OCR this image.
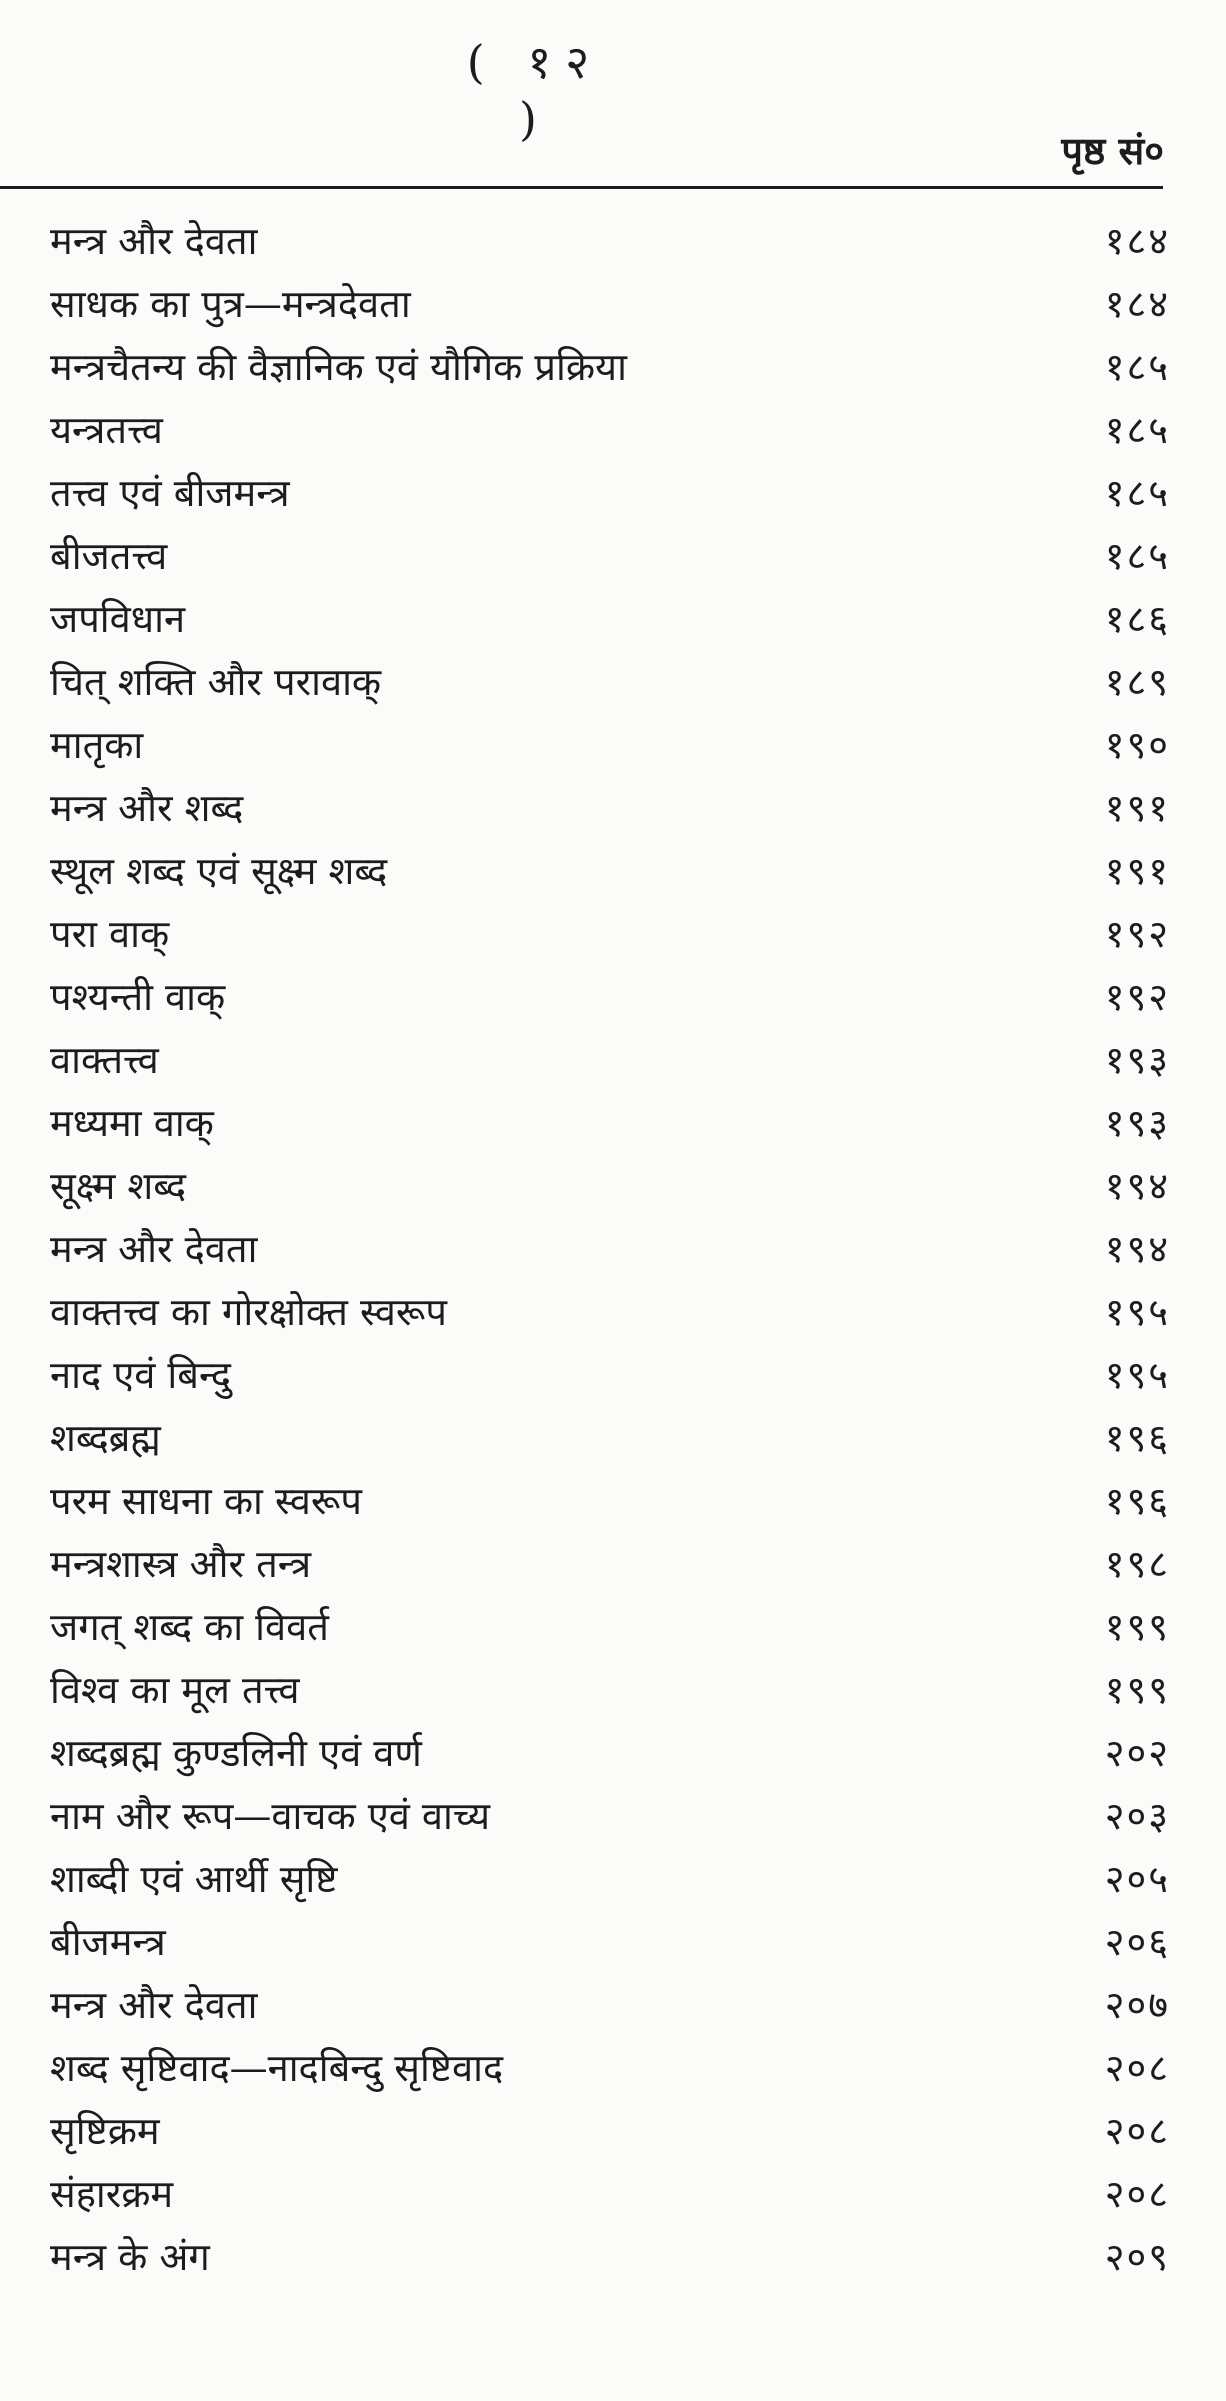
( १२ )
पृष्ठ सं०
मन्त्र और देवता	१८४
साधक का पुत्र—मन्त्रदेवता	१८४
मन्त्रचैतन्य की वैज्ञानिक एवं यौगिक प्रक्रिया	१८५
यन्त्रतत्त्व	१८५
तत्त्व एवं बीजमन्त्र	१८५
बीजतत्त्व	१८५
जपविधान	१८६
चित् शक्ति और परावाक्	१८९
मातृका	१९०
मन्त्र और शब्द	१९१
स्थूल शब्द एवं सूक्ष्म शब्द	१९१
परा वाक्	१९२
पश्यन्ती वाक्	१९२
वाक्तत्त्व	१९३
मध्यमा वाक्	१९३
सूक्ष्म शब्द	१९४
मन्त्र और देवता	१९४
वाक्तत्त्व का गोरक्षोक्त स्वरूप	१९५
नाद एवं बिन्दु	१९५
शब्दब्रह्म	१९६
परम साधना का स्वरूप	१९६
मन्त्रशास्त्र और तन्त्र	१९८
जगत् शब्द का विवर्त	१९९
विश्व का मूल तत्त्व	१९९
शब्दब्रह्म कुण्डलिनी एवं वर्ण	२०२
नाम और रूप—वाचक एवं वाच्य	२०३
शाब्दी एवं आर्थी सृष्टि	२०५
बीजमन्त्र	२०६
मन्त्र और देवता	२०७
शब्द सृष्टिवाद—नादबिन्दु सृष्टिवाद	२०८
सृष्टिक्रम	२०८
संहारक्रम	२०८
मन्त्र के अंग	२०९
